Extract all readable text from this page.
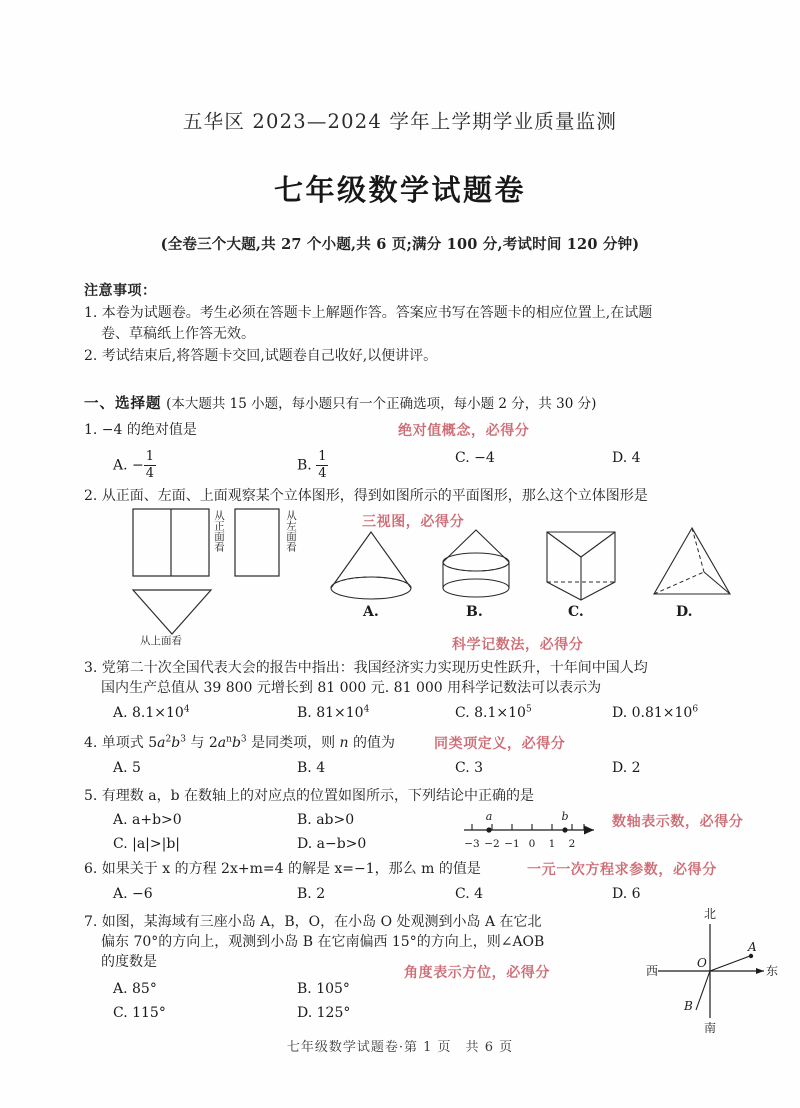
五华区 2023—2024 学年上学期学业质量监测
七年级数学试题卷
(全卷三个大题,共 27 个小题,共 6 页;满分 100 分,考试时间 120 分钟)
注意事项：
1. 本卷为试题卷。考生必须在答题卡上解题作答。答案应书写在答题卡的相应位置上,在试题
卷、草稿纸上作答无效。
2. 考试结束后,将答题卡交回,试题卷自己收好,以便讲评。
一、选择题 (本大题共 15 小题，每小题只有一个正确选项，每小题 2 分，共 30 分)
1. −4 的绝对值是	绝对值概念，必得分
A. − $\frac{1}{4}$	B. $\frac{1}{4}$	C. −4	D. 4
2. 从正面、左面、上面观察某个立体图形，得到如图所示的平面图形，那么这个立体图形是
三视图，必得分
从正面看	从左面看
从上面看
A.	B.	C.	D.
科学记数法，必得分
3. 党第二十次全国代表大会的报告中指出：我国经济实力实现历史性跃升，十年间中国人均
国内生产总值从 39 800 元增长到 81 000 元. 81 000 用科学记数法可以表示为
A. $8.1\times 10^4$	B. $81\times 10^4$	C. $8.1\times 10^5$	D. $0.81\times 10^6$
4. 单项式 $5a^2b^3$ 与 $2a^nb^3$ 是同类项，则 n 的值为	同类项定义，必得分
A. 5	B. 4	C. 3	D. 2
5. 有理数 a，b 在数轴上的对应点的位置如图所示，下列结论中正确的是
数轴表示数，必得分
A. a+b>0	B. ab>0
C. |a|>|b|	D. a−b>0	−3 −2 −1 0 1 2
a	b
6. 如果关于 x 的方程 2x+m=4 的解是 x=−1，那么 m 的值是	一元一次方程求参数，必得分
A. −6	B. 2	C. 4	D. 6
7. 如图，某海域有三座小岛 A，B，O，在小岛 O 处观测到小岛 A 在它北
偏东 70°的方向上，观测到小岛 B 在它南偏西 15°的方向上，则∠AOB
的度数是
角度表示方位，必得分
北
南
西	东
O
A
B
A. 85°	B. 105°
C. 115°	D. 125°
七年级数学试题卷·第 1 页　共 6 页
